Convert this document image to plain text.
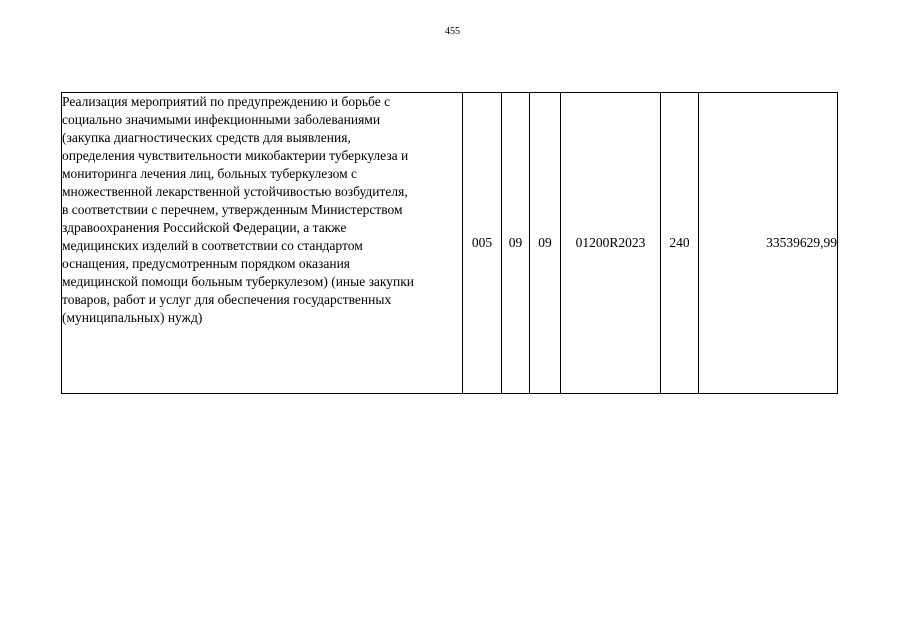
455
Реализация мероприятий по предупреждению и борьбе с
социально значимыми инфекционными заболеваниями
(закупка диагностических средств для выявления,
определения чувствительности микобактерии туберкулеза и
мониторинга лечения лиц, больных туберкулезом с
множественной лекарственной устойчивостью возбудителя,
в соответствии с перечнем, утвержденным Министерством
здравоохранения Российской Федерации, а также
медицинских изделий в соответствии со стандартом
оснащения, предусмотренным порядком оказания
медицинской помощи больным туберкулезом) (иные закупки
товаров, работ и услуг для обеспечения государственных
(муниципальных) нужд)	005	09	09	01200R2023	240	33539629,99
